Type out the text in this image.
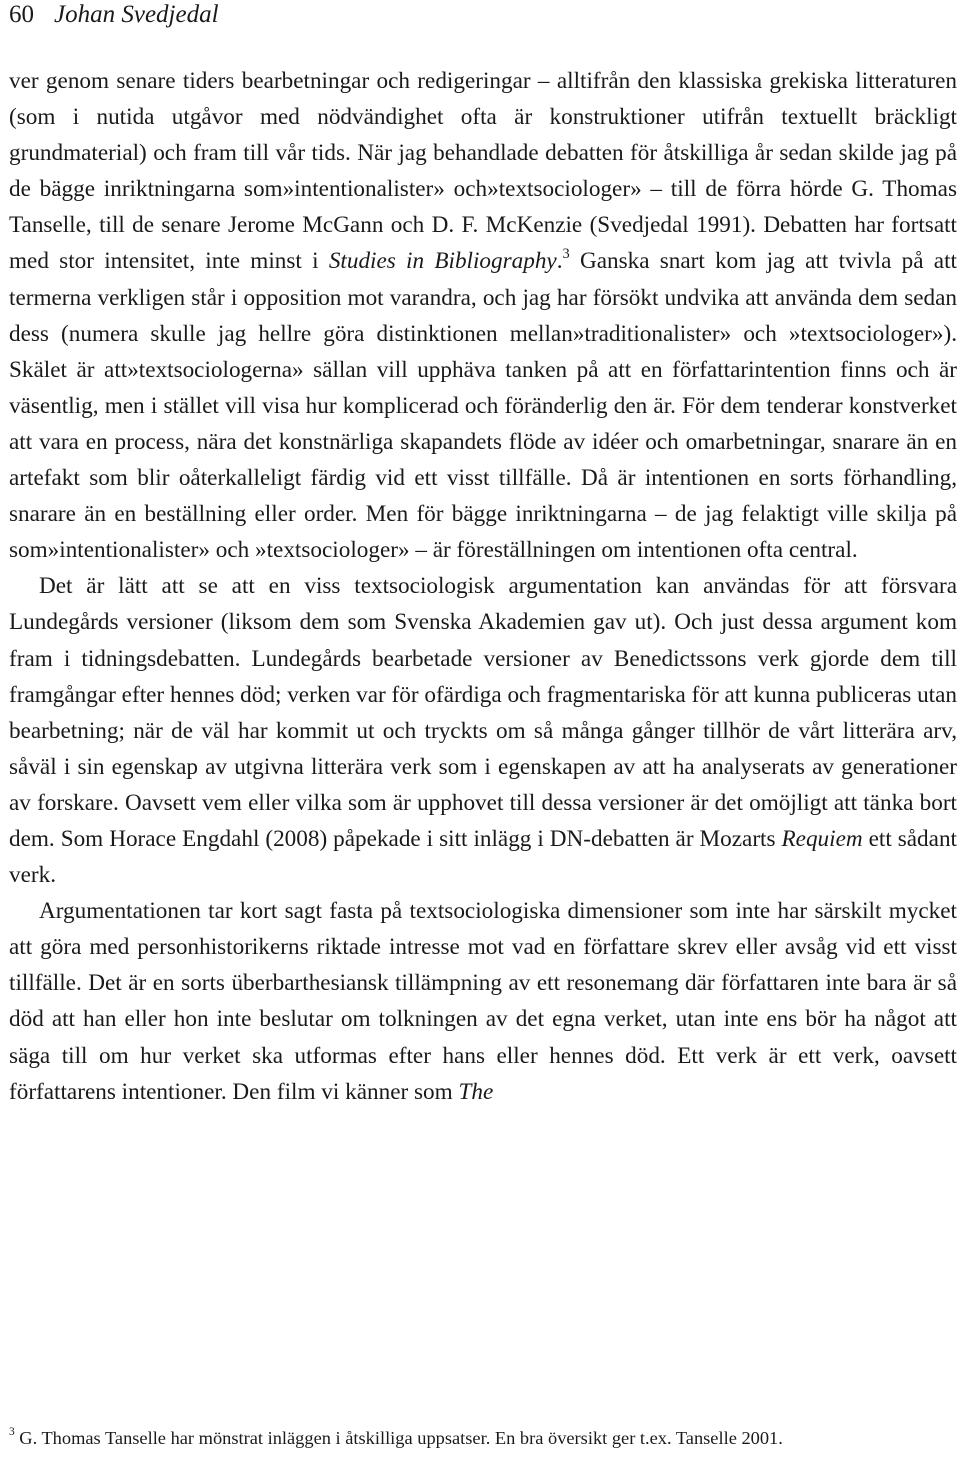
60 Johan Svedjedal

ver genom senare tiders bearbetningar och redigeringar – alltifrån den klassiska grekiska litteraturen (som i nutida utgåvor med nödvändighet ofta är konstruktioner utifrån textuellt bräckligt grundmaterial) och fram till vår tids. När jag behandlade debatten för åtskilliga år sedan skilde jag på de bägge inriktningarna som»intentionalister» och»textsociologer» – till de förra hörde G. Thomas Tanselle, till de senare Jerome McGann och D. F. McKenzie (Svedjedal 1991). Debatten har fortsatt med stor intensitet, inte minst i Studies in Bibliography.$^3$ Ganska snart kom jag att tvivla på att termerna verkligen står i opposition mot varandra, och jag har försökt undvika att använda dem sedan dess (numera skulle jag hellre göra distinktionen mellan»traditionalister» och »textsociologer»). Skälet är att»textsociologerna» sällan vill upphäva tanken på att en författarintention finns och är väsentlig, men i stället vill visa hur komplicerad och föränderlig den är. För dem tenderar konstverket att vara en process, nära det konstnärliga skapandets flöde av idéer och omarbetningar, snarare än en artefakt som blir oåterkalleligt färdig vid ett visst tillfälle. Då är intentionen en sorts förhandling, snarare än en beställning eller order. Men för bägge inriktningarna – de jag felaktigt ville skilja på som»intentionalister» och »textsociologer» – är föreställningen om intentionen ofta central.

Det är lätt att se att en viss textsociologisk argumentation kan användas för att försvara Lundegårds versioner (liksom dem som Svenska Akademien gav ut). Och just dessa argument kom fram i tidningsdebatten. Lundegårds bearbetade versioner av Benedictssons verk gjorde dem till framgångar efter hennes död; verken var för ofärdiga och fragmentariska för att kunna publiceras utan bearbetning; när de väl har kommit ut och tryckts om så många gånger tillhör de vårt litterära arv, såväl i sin egenskap av utgivna litterära verk som i egenskapen av att ha analyserats av generationer av forskare. Oavsett vem eller vilka som är upphovet till dessa versioner är det omöjligt att tänka bort dem. Som Horace Engdahl (2008) påpekade i sitt inlägg i DN-debatten är Mozarts Requiem ett sådant verk.

Argumentationen tar kort sagt fasta på textsociologiska dimensioner som inte har särskilt mycket att göra med personhistorikerns riktade intresse mot vad en författare skrev eller avsåg vid ett visst tillfälle. Det är en sorts überbarthesiansk tillämpning av ett resonemang där författaren inte bara är så död att han eller hon inte beslutar om tolkningen av det egna verket, utan inte ens bör ha något att säga till om hur verket ska utformas efter hans eller hennes död. Ett verk är ett verk, oavsett författarens intentioner. Den film vi känner som The

$^3$ G. Thomas Tanselle har mönstrat inläggen i åtskilliga uppsatser. En bra översikt ger t.ex. Tanselle 2001.
